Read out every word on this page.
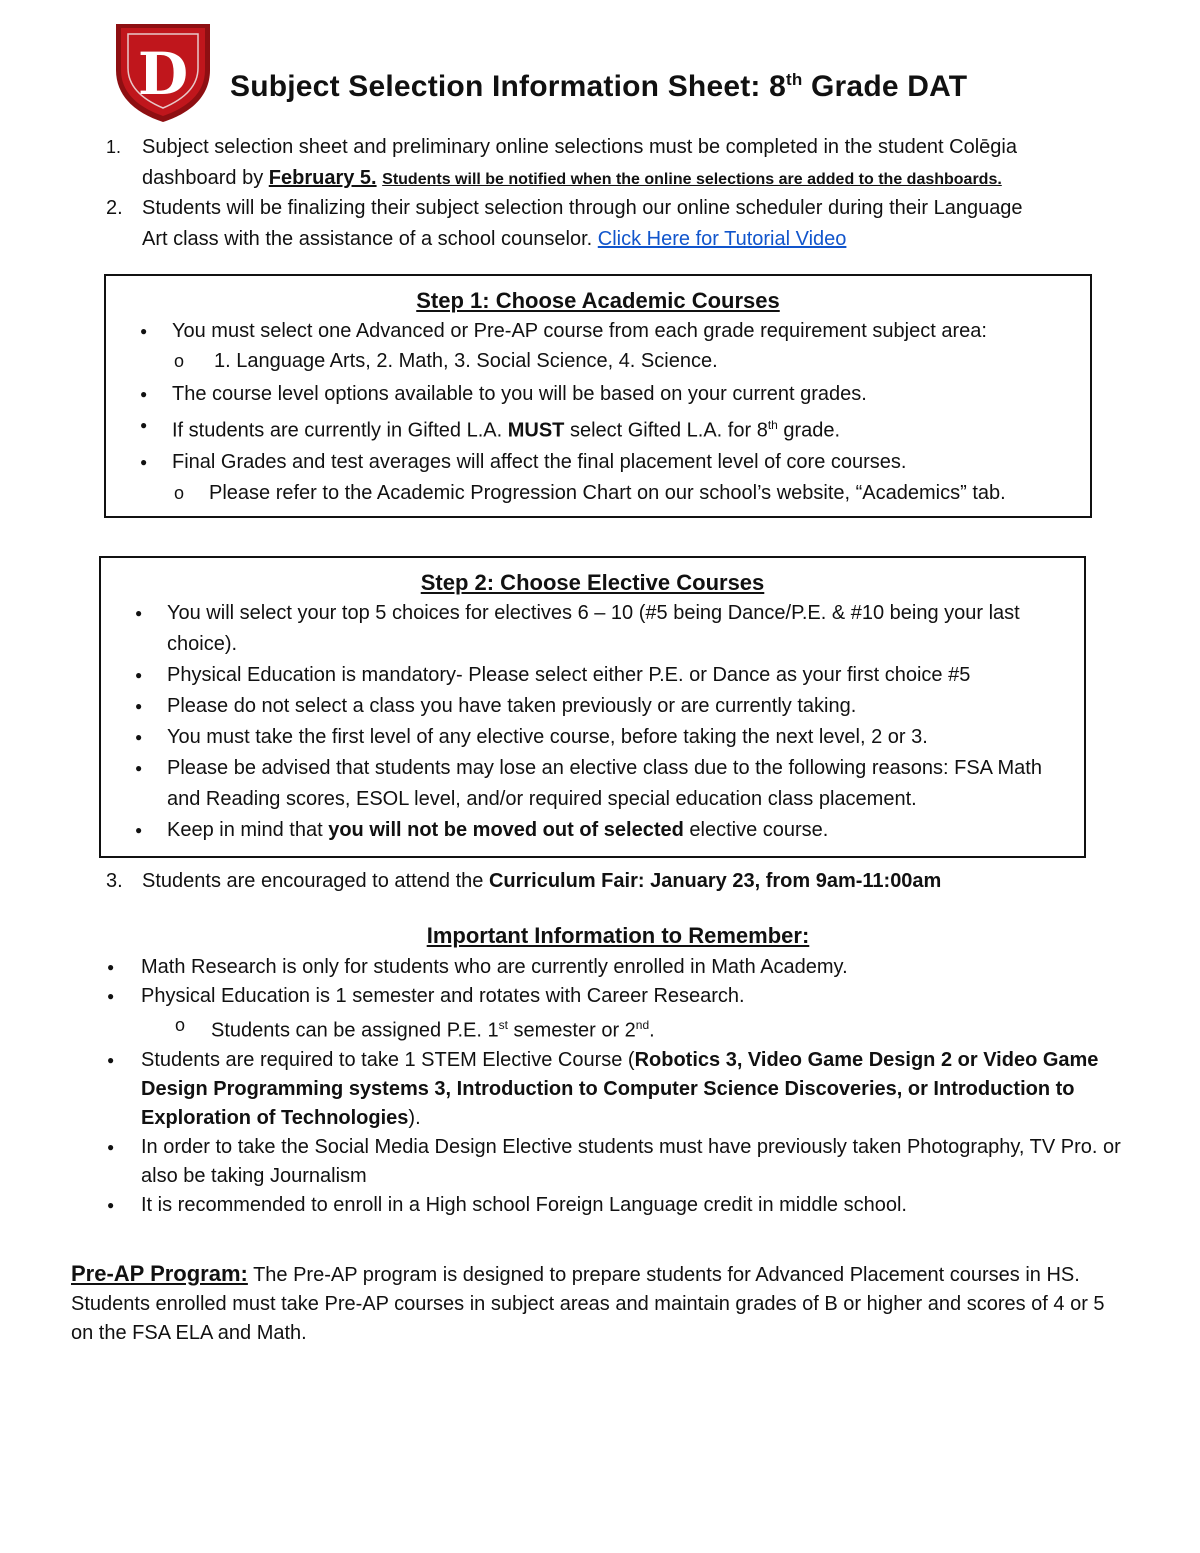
D Subject Selection Information Sheet: 8th Grade DAT
1. Subject selection sheet and preliminary online selections must be completed in the student Colēgia
dashboard by February 5. Students will be notified when the online selections are added to the dashboards.
2. Students will be finalizing their subject selection through our online scheduler during their Language
Art class with the assistance of a school counselor. Click Here for Tutorial Video
Step 1: Choose Academic Courses
● You must select one Advanced or Pre-AP course from each grade requirement subject area:
o 1. Language Arts, 2. Math, 3. Social Science, 4. Science.
● The course level options available to you will be based on your current grades.
● If students are currently in Gifted L.A. MUST select Gifted L.A. for 8th grade.
● Final Grades and test averages will affect the final placement level of core courses.
o Please refer to the Academic Progression Chart on our school’s website, “Academics” tab.
Step 2: Choose Elective Courses
● You will select your top 5 choices for electives 6 – 10 (#5 being Dance/P.E. & #10 being your last choice).
● Physical Education is mandatory- Please select either P.E. or Dance as your first choice #5
● Please do not select a class you have taken previously or are currently taking.
● You must take the first level of any elective course, before taking the next level, 2 or 3.
● Please be advised that students may lose an elective class due to the following reasons: FSA Math and Reading scores, ESOL level, and/or required special education class placement.
● Keep in mind that you will not be moved out of selected elective course.
3. Students are encouraged to attend the Curriculum Fair: January 23, from 9am-11:00am
Important Information to Remember:
● Math Research is only for students who are currently enrolled in Math Academy.
● Physical Education is 1 semester and rotates with Career Research.
o Students can be assigned P.E. 1st semester or 2nd.
● Students are required to take 1 STEM Elective Course (Robotics 3, Video Game Design 2 or Video Game Design Programming systems 3, Introduction to Computer Science Discoveries, or Introduction to Exploration of Technologies).
● In order to take the Social Media Design Elective students must have previously taken Photography, TV Pro. or also be taking Journalism
● It is recommended to enroll in a High school Foreign Language credit in middle school.
Pre-AP Program: The Pre-AP program is designed to prepare students for Advanced Placement courses in HS. Students enrolled must take Pre-AP courses in subject areas and maintain grades of B or higher and scores of 4 or 5 on the FSA ELA and Math.
